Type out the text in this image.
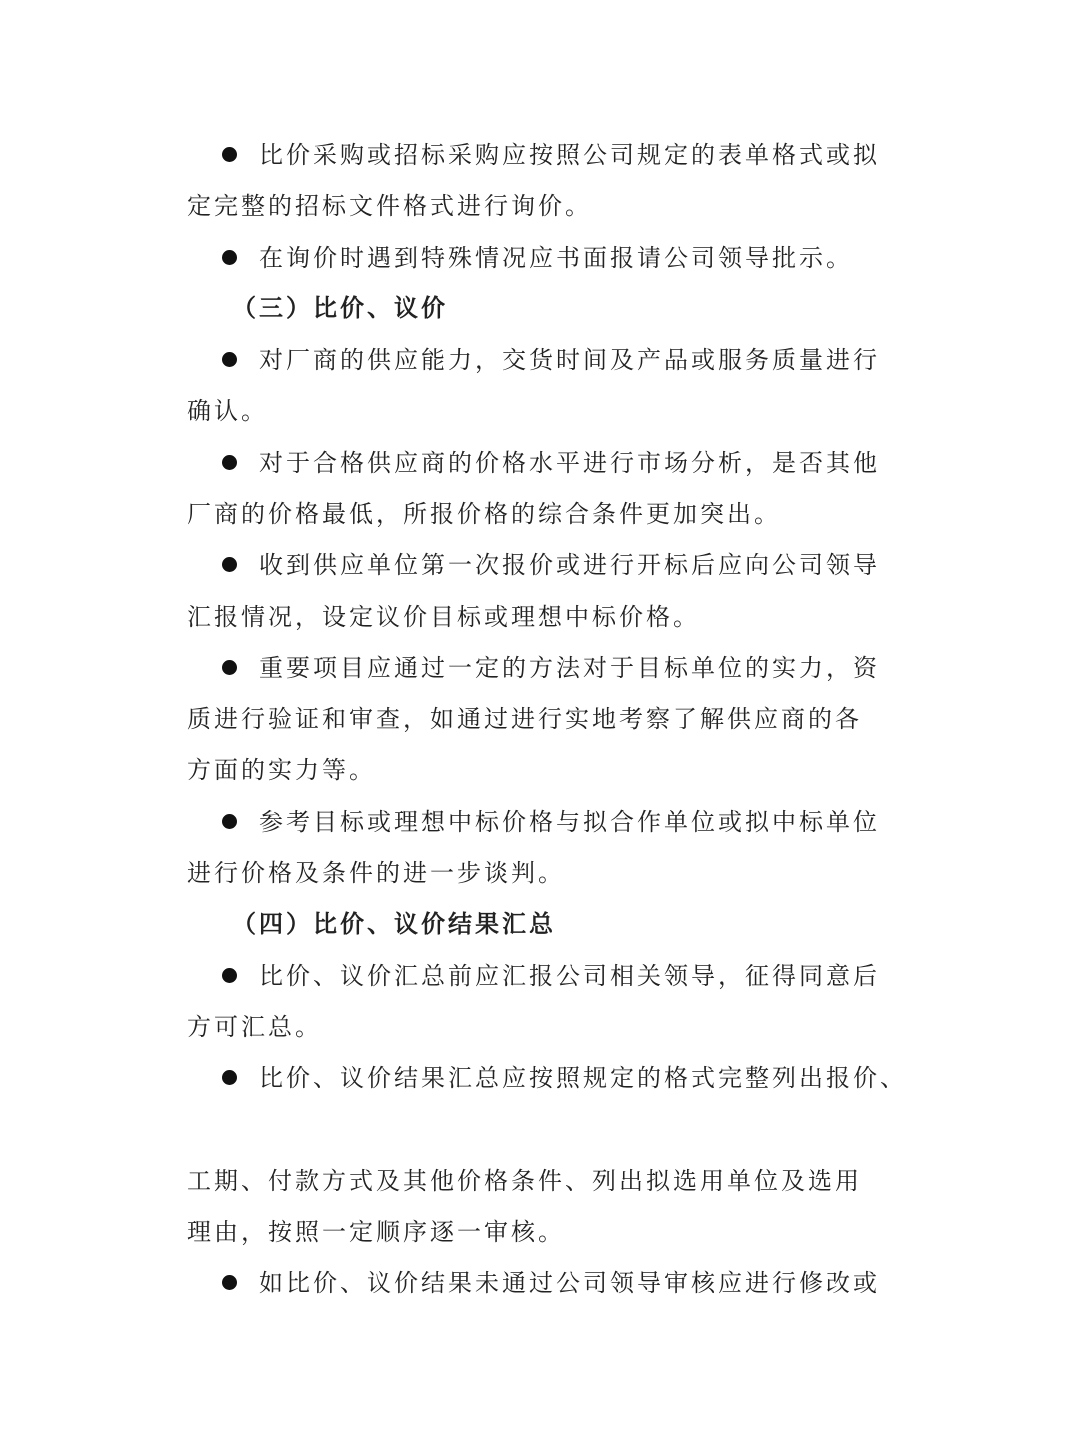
比价采购或招标采购应按照公司规定的表单格式或拟
定完整的招标文件格式进行询价。
在询价时遇到特殊情况应书面报请公司领导批示。
（三）比价、议价
对厂商的供应能力，交货时间及产品或服务质量进行
确认。
对于合格供应商的价格水平进行市场分析，是否其他
厂商的价格最低，所报价格的综合条件更加突出。
收到供应单位第一次报价或进行开标后应向公司领导
汇报情况，设定议价目标或理想中标价格。
重要项目应通过一定的方法对于目标单位的实力，资
质进行验证和审查，如通过进行实地考察了解供应商的各
方面的实力等。
参考目标或理想中标价格与拟合作单位或拟中标单位
进行价格及条件的进一步谈判。
（四）比价、议价结果汇总
比价、议价汇总前应汇报公司相关领导，征得同意后
方可汇总。
比价、议价结果汇总应按照规定的格式完整列出报价、
工期、付款方式及其他价格条件、列出拟选用单位及选用
理由，按照一定顺序逐一审核。
如比价、议价结果未通过公司领导审核应进行修改或
